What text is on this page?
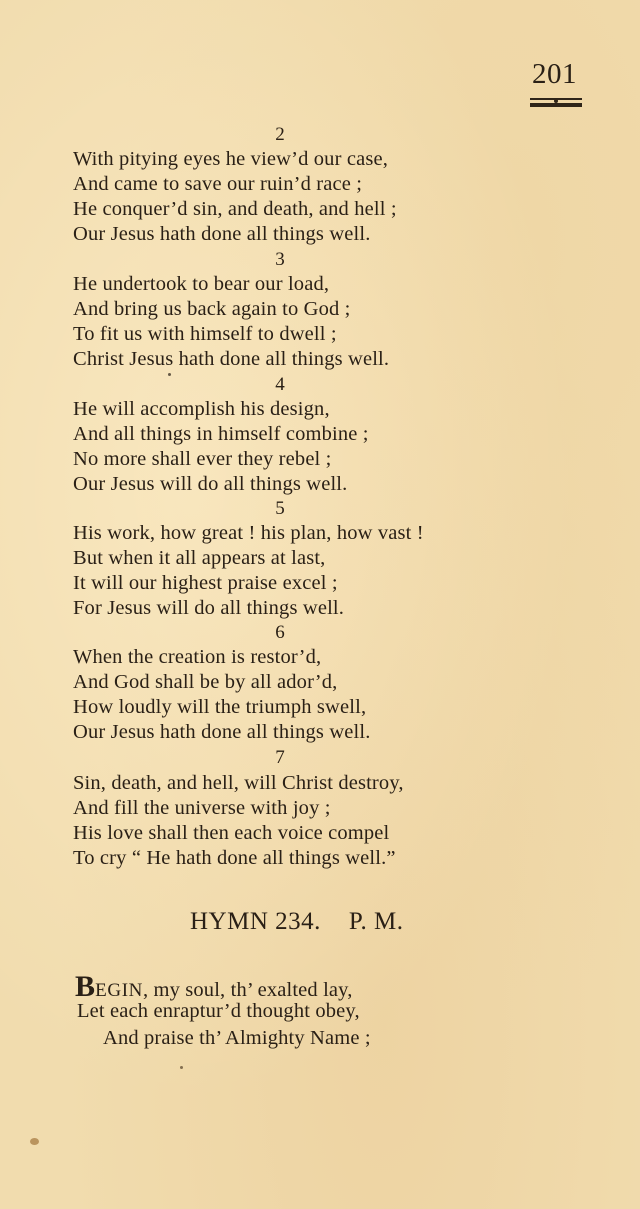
201
2
With pitying eyes he view’d our case,
And came to save our ruin’d race ;
He conquer’d sin, and death, and hell ;
Our Jesus hath done all things well.
3
He undertook to bear our load,
And bring us back again to God ;
To fit us with himself to dwell ;
Christ Jesus hath done all things well.
4
He will accomplish his design,
And all things in himself combine ;
No more shall ever they rebel ;
Our Jesus will do all things well.
5
His work, how great ! his plan, how vast !
But when it all appears at last,
It will our highest praise excel ;
For Jesus will do all things well.
6
When the creation is restor’d,
And God shall be by all ador’d,
How loudly will the triumph swell,
Our Jesus hath done all things well.
7
Sin, death, and hell, will Christ destroy,
And fill the universe with joy ;
His love shall then each voice compel
To cry “ He hath done all things well.”
HYMN 234. P. M.
BEGIN, my soul, th’ exalted lay,
Let each enraptur’d thought obey,
And praise th’ Almighty Name ;
